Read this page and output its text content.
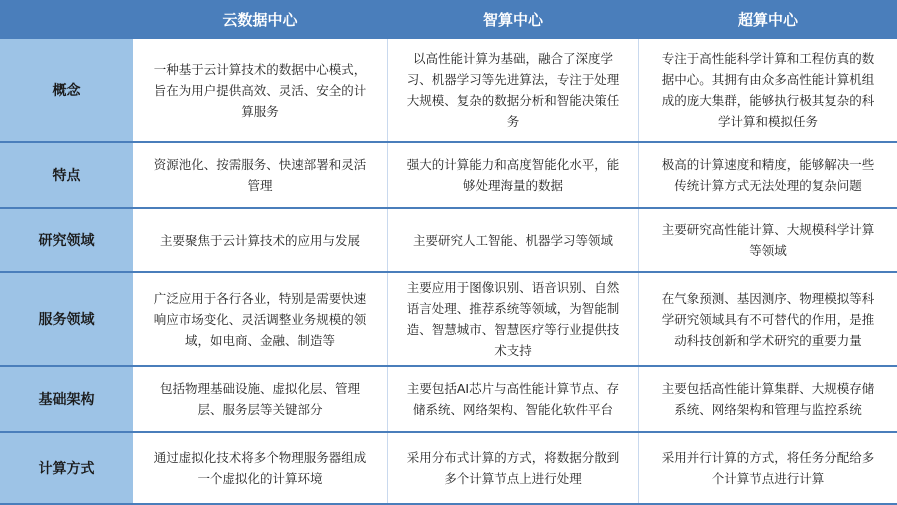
	云数据中心	智算中心	超算中心
概念	一种基于云计算技术的数据中心模式，旨在为用户提供高效、灵活、安全的计算服务	以高性能计算为基础，融合了深度学习、机器学习等先进算法，专注于处理大规模、复杂的数据分析和智能决策任务	专注于高性能科学计算和工程仿真的数据中心。其拥有由众多高性能计算机组成的庞大集群，能够执行极其复杂的科学计算和模拟任务
特点	资源池化、按需服务、快速部署和灵活管理	强大的计算能力和高度智能化水平，能够处理海量的数据	极高的计算速度和精度，能够解决一些传统计算方式无法处理的复杂问题
研究领域	主要聚焦于云计算技术的应用与发展	主要研究人工智能、机器学习等领域	主要研究高性能计算、大规模科学计算等领域
服务领域	广泛应用于各行各业，特别是需要快速响应市场变化、灵活调整业务规模的领域，如电商、金融、制造等	主要应用于图像识别、语音识别、自然语言处理、推荐系统等领域，为智能制造、智慧城市、智慧医疗等行业提供技术支持	在气象预测、基因测序、物理模拟等科学研究领域具有不可替代的作用，是推动科技创新和学术研究的重要力量
基础架构	包括物理基础设施、虚拟化层、管理层、服务层等关键部分	主要包括AI芯片与高性能计算节点、存储系统、网络架构、智能化软件平台	主要包括高性能计算集群、大规模存储系统、网络架构和管理与监控系统
计算方式	通过虚拟化技术将多个物理服务器组成一个虚拟化的计算环境	采用分布式计算的方式，将数据分散到多个计算节点上进行处理	采用并行计算的方式，将任务分配给多个计算节点进行计算
